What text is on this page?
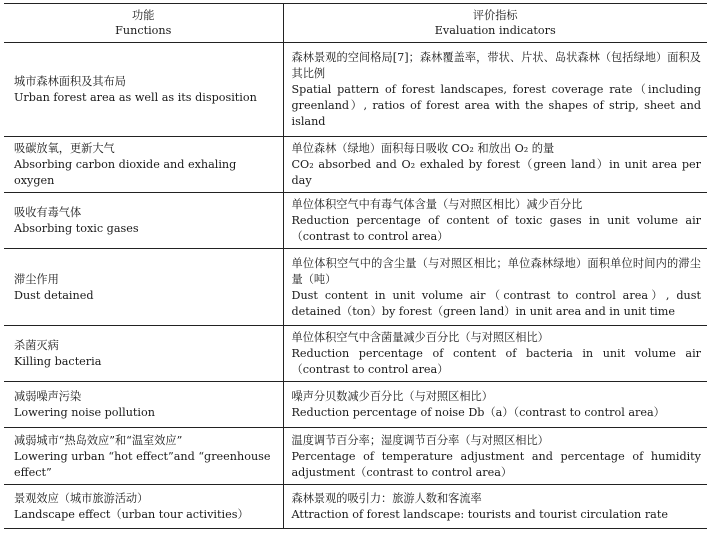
功能
Functions	评价指标
Evaluation indicators

城市森林面积及其布局
Urban forest area as well as its disposition	森林景观的空间格局[7]；森林覆盖率，带状、片状、岛状森林（包括绿地）面积及其比例
Spatial pattern of forest landscapes, forest coverage rate（including greenland）, ratios of forest area with the shapes of strip, sheet and island

吸碳放氧，更新大气
Absorbing carbon dioxide and exhaling oxygen	单位森林（绿地）面积每日吸收 CO₂ 和放出 O₂ 的量
CO₂ absorbed and O₂ exhaled by forest（green land）in unit area per day

吸收有毒气体
Absorbing toxic gases	单位体积空气中有毒气体含量（与对照区相比）减少百分比
Reduction percentage of content of toxic gases in unit volume air（contrast to control area）

滞尘作用
Dust detained	单位体积空气中的含尘量（与对照区相比；单位森林绿地）面积单位时间内的滞尘量（吨）
Dust content in unit volume air（contrast to control area）, dust detained（ton）by forest（green land）in unit area and in unit time

杀菌灭病
Killing bacteria	单位体积空气中含菌量减少百分比（与对照区相比）
Reduction percentage of content of bacteria in unit volume air（contrast to control area）

减弱噪声污染
Lowering noise pollution	噪声分贝数减少百分比（与对照区相比）
Reduction percentage of noise Db（a）（contrast to control area）

减弱城市“热岛效应”和“温室效应”
Lowering urban “hot effect”and “greenhouse effect”	温度调节百分率；湿度调节百分率（与对照区相比）
Percentage of temperature adjustment and percentage of humidity adjustment（contrast to control area）

景观效应（城市旅游活动）
Landscape effect（urban tour activities）	森林景观的吸引力：旅游人数和客流率
Attraction of forest landscape: tourists and tourist circulation rate
